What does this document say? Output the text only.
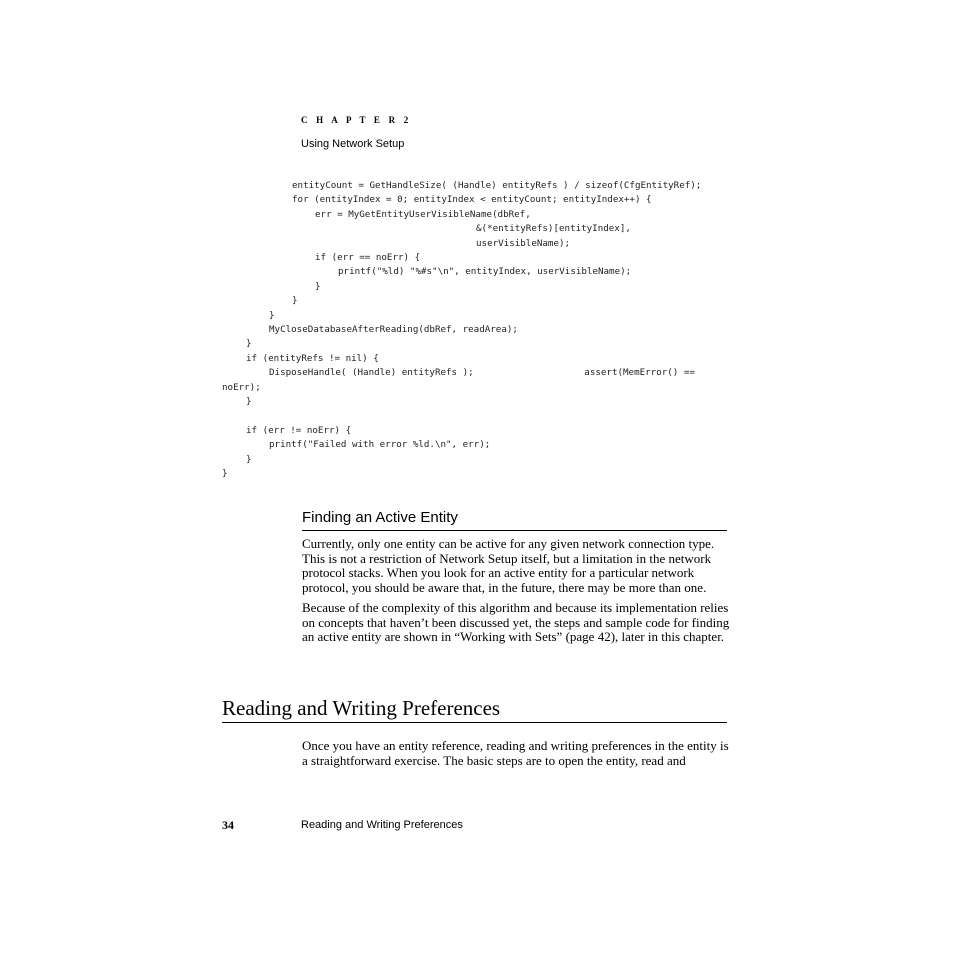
C H A P T E R 2
Using Network Setup
entityCount = GetHandleSize( (Handle) entityRefs ) / sizeof(CfgEntityRef);
for (entityIndex = 0; entityIndex < entityCount; entityIndex++) {
err = MyGetEntityUserVisibleName(dbRef,
&(*entityRefs)[entityIndex],
userVisibleName);
if (err == noErr) {
printf("%ld) "%#s"\n", entityIndex, userVisibleName);
}
}
}
MyCloseDatabaseAfterReading(dbRef, readArea);
}
if (entityRefs != nil) {
DisposeHandle( (Handle) entityRefs );                    assert(MemError() ==
noErr);
}
if (err != noErr) {
printf("Failed with error %ld.\n", err);
}
}
Finding an Active Entity
Currently, only one entity can be active for any given network connection type. This is not a restriction of Network Setup itself, but a limitation in the network protocol stacks. When you look for an active entity for a particular network protocol, you should be aware that, in the future, there may be more than one.
Because of the complexity of this algorithm and because its implementation relies on concepts that haven’t been discussed yet, the steps and sample code for finding an active entity are shown in “Working with Sets” (page 42), later in this chapter.
Reading and Writing Preferences
Once you have an entity reference, reading and writing preferences in the entity is a straightforward exercise. The basic steps are to open the entity, read and
34	Reading and Writing Preferences
